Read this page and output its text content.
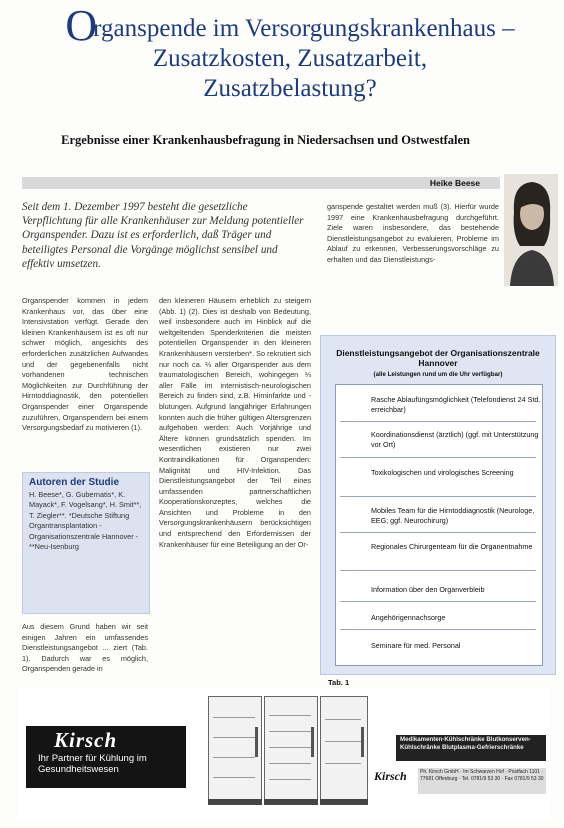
Organspende im Versorgungskrankenhaus –
Zusatzkosten, Zusatzarbeit,
Zusatzbelastung?
Ergebnisse einer Krankenhausbefragung in Niedersachsen und Ostwestfalen
Heike Beese
Seit dem 1. Dezember 1997 besteht die gesetzliche Verpflichtung für alle Krankenhäuser zur Meldung potentieller Organspender. Dazu ist es erforderlich, daß Träger und beteiligtes Personal die Vorgänge möglichst sensibel und effektiv umsetzen.
Organspender kommen in jedem Krankenhaus vor, das über eine Intensivstation verfügt. Gerade den kleinen Krankenhäusern ist es oft nur schwer möglich, angesichts des erforderlichen zusätzlichen Aufwandes und der gegebenenfalls nicht vorhandenen technischen Möglichkeiten zur Durchführung der Hirntoddiagnostik, den potentiellen Organspender einer Organspende zuzuführen, Organspendern bei einem Versorgungsbedarf zu motivieren (1).
Autoren der Studie

H. Beese*, G. Gubernatis*, K. Mayack*, F. Vogelsang*, H. Smit**, T. Ziegler**. *Deutsche Stiftung Organtransplantation - Organisationszentrale Hannover - **Neu-Isenburg

Aus diesem Grund haben wir seit einigen Jahren ein umfassendes Dienstleistungsangebot ... ziert (Tab. 1). Dadurch war es möglich, Organspenden gerade in
den kleineren Häusern erheblich zu steigern (Abb. 1) (2). Dies ist deshalb von Bedeutung, weil insbesondere auch im Hinblick auf die weltgeltenden Spenderkriterien die meisten potentiellen Organspender in den kleineren Krankenhäusern versterben*. So rekrutiert sich nur noch ca. ⅔ aller Organspender aus dem traumatologischen Bereich, wohingegen ⅔ aller Fälle im internistisch-neurologischen Bereich zu finden sind, z.B. Hirninfarkte und -blutungen. Aufgrund langjähriger Erfahrungen konnten auch die früher gültigen Altersgrenzen aufgehoben werden: Auch Vorjährige und Ältere können grundsätzlich spenden. Im wesentlichen existieren nur zwei Kontraindikationen für Organspenden: Malignität und HIV-Infektion. Das Dienstleistungsangebot der Teil eines umfassenden partnerschaftlichen Kooperationskonzeptes, welches die Ansichten und Probleme in den Versorgungskrankenhäusern berücksichtigen und entsprechend den Erfordernissen der Krankenhäuser für eine Beteiligung an der Or-
ganspende gestaltet werden muß (3). Hierfür wurde 1997 eine Krankenhausbefragung durchgeführt. Ziele waren insbesondere, das bestehende Dienstleistungsangebot zu evaluieren, Probleme im Ablauf zu erkennen, Verbesserungsvorschläge zu erhalten und das Dienstleistungs-
Dienstleistungsangebot der Organisationszentrale Hannover
(alle Leistungen rund um die Uhr verfügbar)
Rasche Ablaufüngsmöglichkeit (Telefondienst 24 Std. erreichbar)
Koordinationsdienst (ärztlich) (ggf. mit Unterstützung vor Ort)
Toxikologischen und virologisches Screening
Mobiles Team für die Hirntoddiagnostik (Neurologe, EEG; ggf. Neurochirurg)
Regionales Chirurgenteam für die Organentnahme
Information über den Organverbleib
Angehörigennachsorge
Seminare für med. Personal
Tab. 1
Kirsch
Ihr Partner für Kühlung im Gesundheitswesen
Medikamenten-Kühlschränke Blutkonserven-Kühlschränke Blutplasma-Gefrierschränke
Kirsch	Ph. Kirsch GmbH · Im Schwarzen Hof · Postfach 1101 · 77681 Offenburg · Tel. 0781/9 53 30 · Fax 0781/9 53 30
